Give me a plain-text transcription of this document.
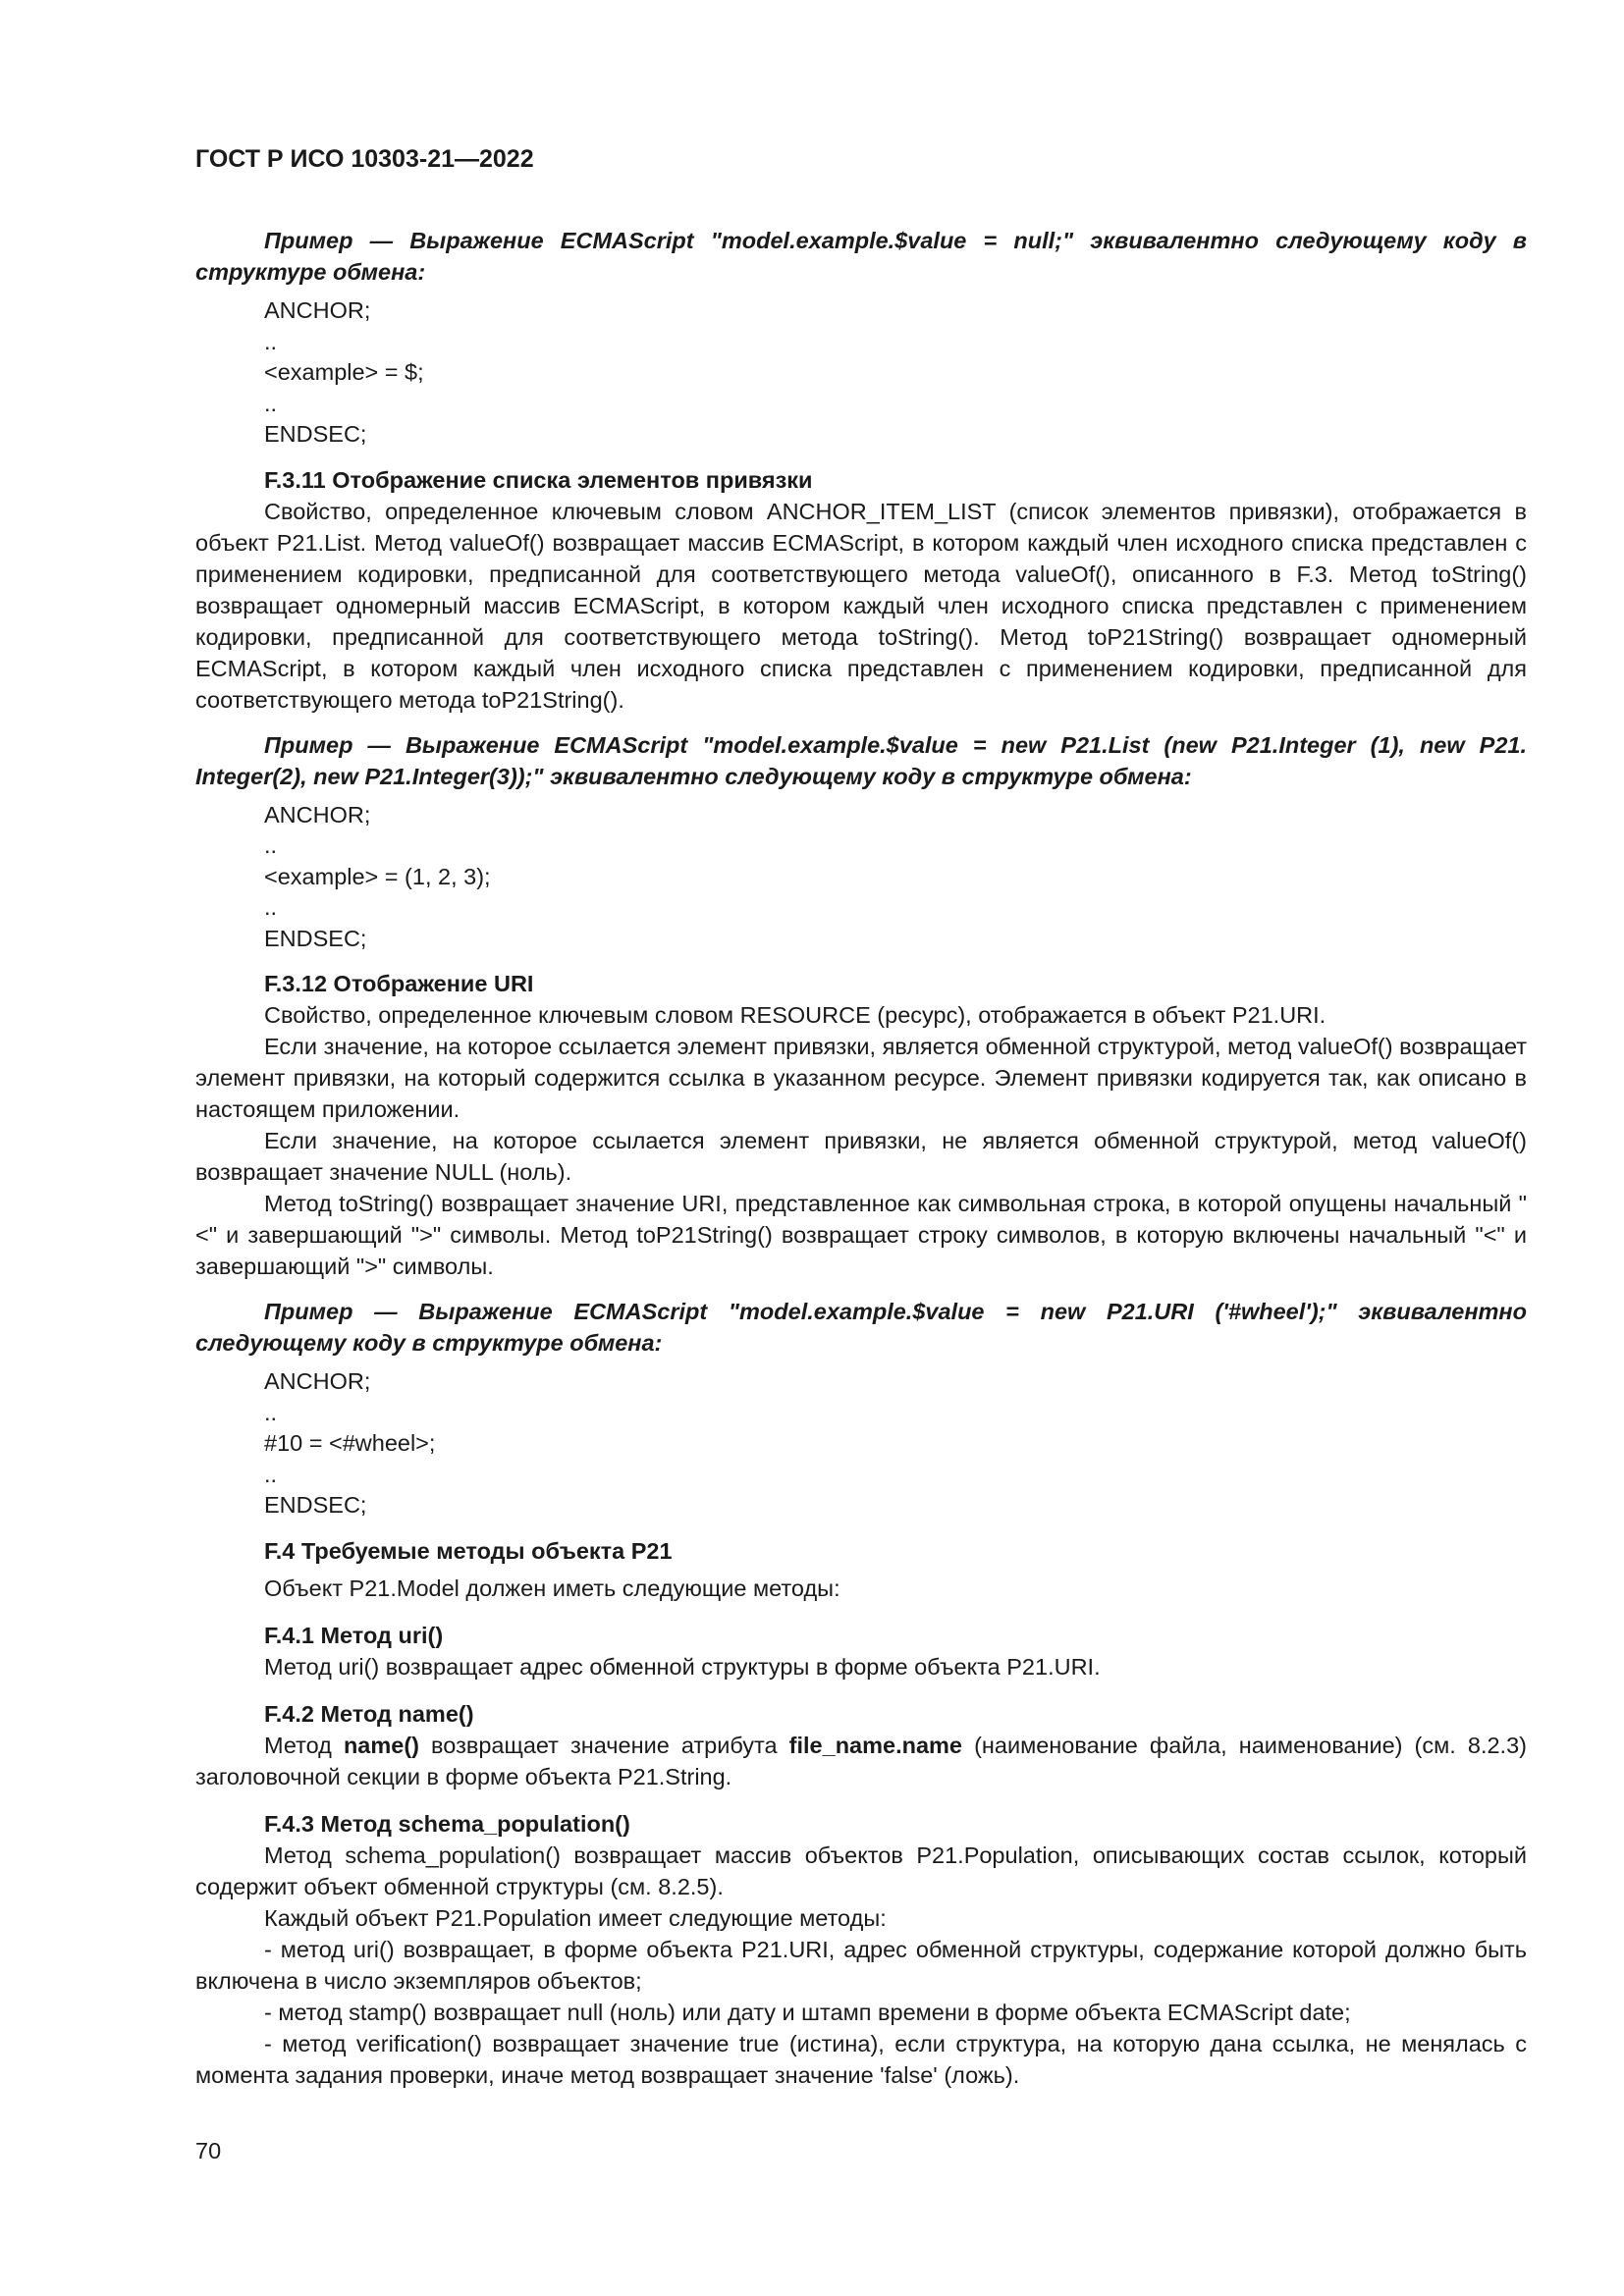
ГОСТ Р ИСО 10303-21—2022

Пример — Выражение ECMAScript "model.example.$value = null;" эквивалентно следующему коду в структуре обмена:

ANCHOR;
..
<example> = $;
..
ENDSEC;

F.3.11 Отображение списка элементов привязки

Свойство, определенное ключевым словом ANCHOR_ITEM_LIST (список элементов привязки), отображается в объект P21.List. Метод valueOf() возвращает массив ECMAScript, в котором каждый член исходного списка представлен с применением кодировки, предписанной для соответствующего метода valueOf(), описанного в F.3. Метод toString() возвращает одномерный массив ECMAScript, в котором каждый член исходного списка представлен с применением кодировки, предписанной для соответствующего метода toString(). Метод toP21String() возвращает одномерный ECMAScript, в котором каждый член исходного списка представлен с применением кодировки, предписанной для соответствующего метода toP21String().

Пример — Выражение ECMAScript "model.example.$value = new P21.List (new P21.Integer (1), new P21. Integer(2), new P21.Integer(3));" эквивалентно следующему коду в структуре обмена:

ANCHOR;
..
<example> = (1, 2, 3);
..
ENDSEC;

F.3.12 Отображение URI

Свойство, определенное ключевым словом RESOURCE (ресурс), отображается в объект P21.URI.

Если значение, на которое ссылается элемент привязки, является обменной структурой, метод valueOf() возвращает элемент привязки, на который содержится ссылка в указанном ресурсе. Элемент привязки кодируется так, как описано в настоящем приложении.

Если значение, на которое ссылается элемент привязки, не является обменной структурой, метод valueOf() возвращает значение NULL (ноль).

Метод toString() возвращает значение URI, представленное как символьная строка, в которой опущены начальный "<" и завершающий ">" символы. Метод toP21String() возвращает строку символов, в которую включены начальный "<" и завершающий ">" символы.

Пример — Выражение ECMAScript "model.example.$value = new P21.URI ('#wheel');" эквивалентно следующему коду в структуре обмена:

ANCHOR;
..
#10 = <#wheel>;
..
ENDSEC;

F.4 Требуемые методы объекта P21

Объект P21.Model должен иметь следующие методы:

F.4.1 Метод uri()

Метод uri() возвращает адрес обменной структуры в форме объекта P21.URI.

F.4.2 Метод name()

Метод name() возвращает значение атрибута file_name.name (наименование файла, наименование) (см. 8.2.3) заголовочной секции в форме объекта P21.String.

F.4.3 Метод schema_population()

Метод schema_population() возвращает массив объектов P21.Population, описывающих состав ссылок, который содержит объект обменной структуры (см. 8.2.5).

Каждый объект P21.Population имеет следующие методы:

- метод uri() возвращает, в форме объекта P21.URI, адрес обменной структуры, содержание которой должно быть включена в число экземпляров объектов;

- метод stamp() возвращает null (ноль) или дату и штамп времени в форме объекта ECMAScript date;

- метод verification() возвращает значение true (истина), если структура, на которую дана ссылка, не менялась с момента задания проверки, иначе метод возвращает значение 'false' (ложь).

70
